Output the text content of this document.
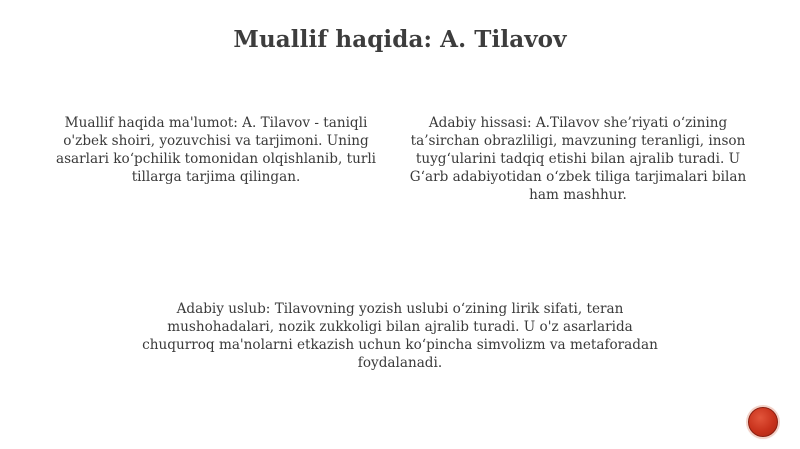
Muallif haqida: A. Tilavov
Muallif haqida ma'lumot: A. Tilavov - taniqli o'zbek shoiri, yozuvchisi va tarjimoni. Uning asarlari ko‘pchilik tomonidan olqishlanib, turli tillarga tarjima qilingan.
Adabiy hissasi: A.Tilavov she’riyati o‘zining ta’sirchan obrazliligi, mavzuning teranligi, inson tuyg‘ularini tadqiq etishi bilan ajralib turadi. U G‘arb adabiyotidan o‘zbek tiliga tarjimalari bilan ham mashhur.
Adabiy uslub: Tilavovning yozish uslubi o‘zining lirik sifati, teran mushohadalari, nozik zukkoligi bilan ajralib turadi. U o'z asarlarida chuqurroq ma'nolarni etkazish uchun ko‘pincha simvolizm va metaforadan foydalanadi.
